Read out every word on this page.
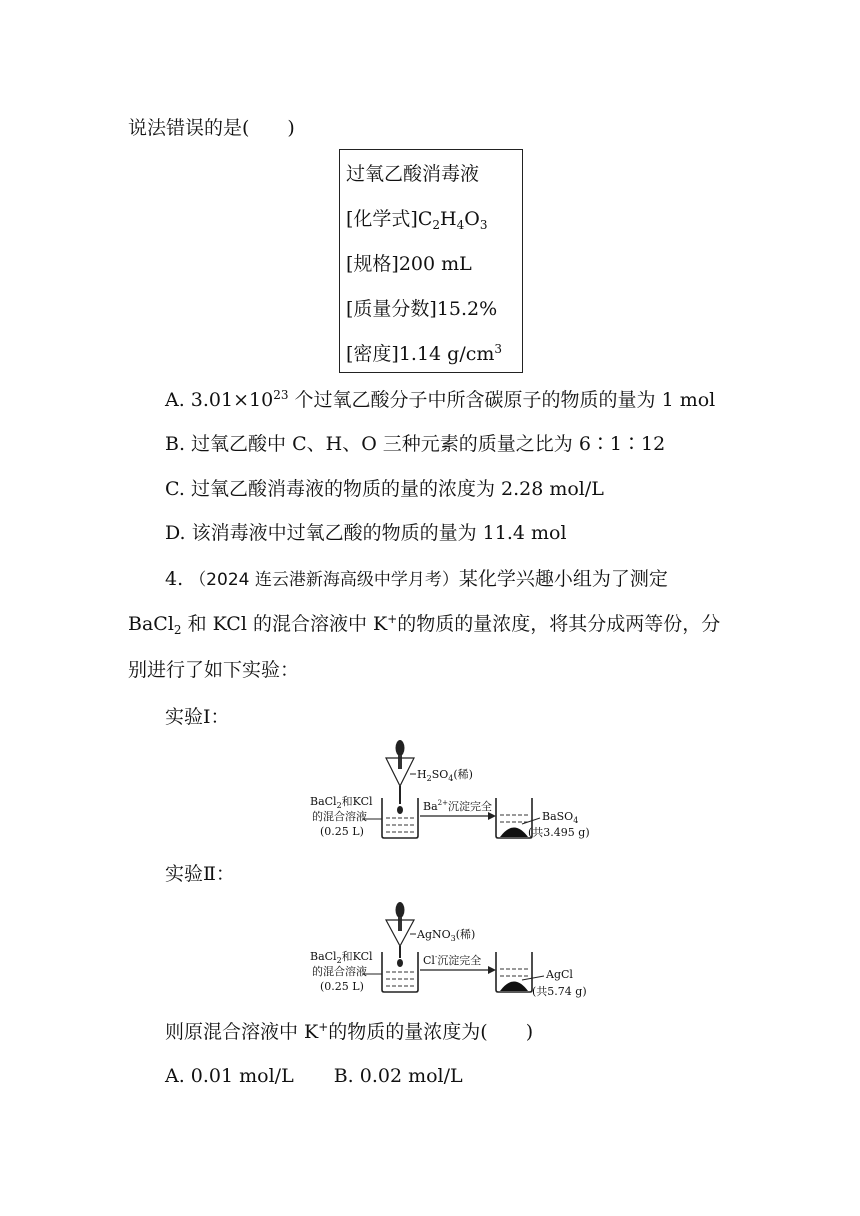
说法错误的是(　　)
过氧乙酸消毒液
[化学式]$C_2H_4O_3$
[规格]200 mL
[质量分数]15.2%
[密度]1.14 $g/cm^3$
A. $3.01\times 10^{23}$ 个过氧乙酸分子中所含碳原子的物质的量为 1 mol
B. 过氧乙酸中 C、H、O 三种元素的质量之比为 6∶1∶12
C. 过氧乙酸消毒液的物质的量的浓度为 2.28 mol/L
D. 该消毒液中过氧乙酸的物质的量为 11.4 mol
4. （2024 连云港新海高级中学月考）某化学兴趣小组为了测定
BaCl$_2$ 和 KCl 的混合溶液中 K+的物质的量浓度，将其分成两等份，分
别进行了如下实验：
实验Ⅰ：
$H_2SO_4$(稀)
BaCl$_2$和KCl
的混合溶液
(0.25 L)
$Ba^{2+}$沉淀完全
BaSO$_4$
(共3.495 g)
实验Ⅱ：
AgNO$_3$(稀)
BaCl$_2$和KCl
的混合溶液
(0.25 L)
Cl-沉淀完全
AgCl
(共5.74 g)
则原混合溶液中 K+的物质的量浓度为(　　)
A. 0.01 mol/L B. 0.02 mol/L
